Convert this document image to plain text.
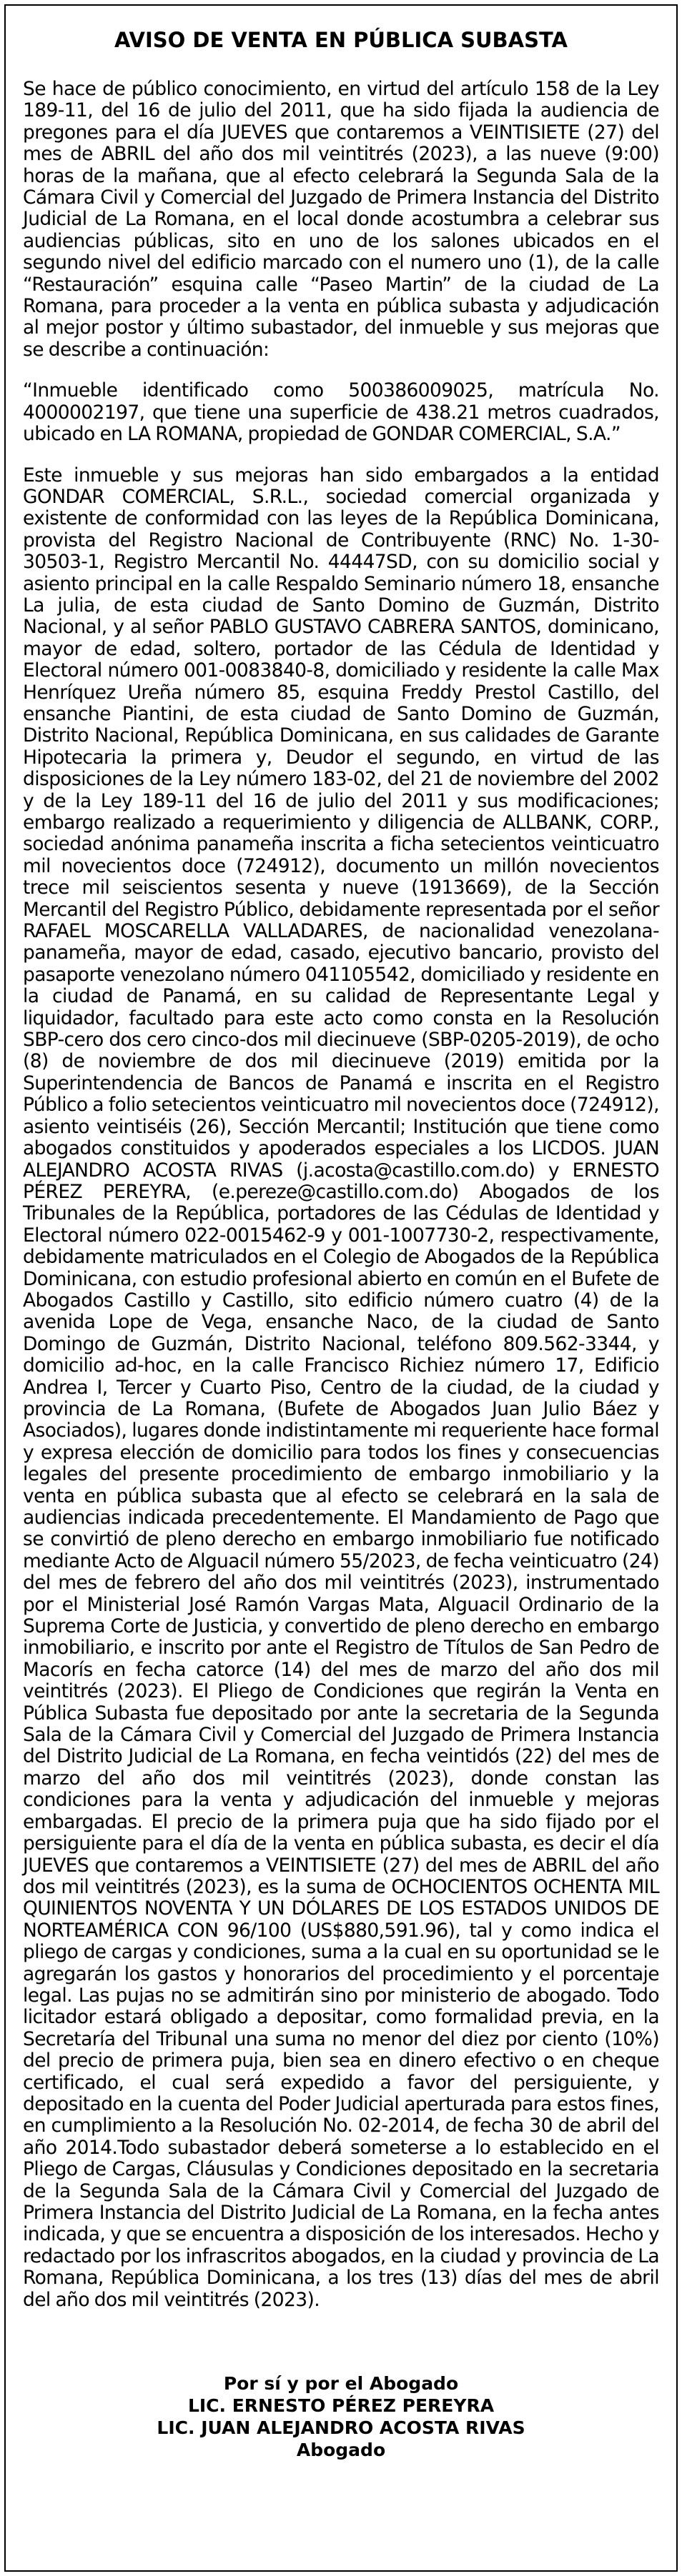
AVISO DE VENTA EN PÚBLICA SUBASTA

Se hace de público conocimiento, en virtud del artículo 158 de la Ley 189-11, del 16 de julio del 2011, que ha sido fijada la audiencia de pregones para el día JUEVES que contaremos a VEINTISIETE (27) del mes de ABRIL del año dos mil veintitrés (2023), a las nueve (9:00) horas de la mañana, que al efecto celebrará la Segunda Sala de la Cámara Civil y Comercial del Juzgado de Primera Instancia del Distrito Judicial de La Romana, en el local donde acostumbra a celebrar sus audiencias públicas, sito en uno de los salones ubicados en el segundo nivel del edificio marcado con el numero uno (1), de la calle “Restauración” esquina calle “Paseo Martin” de la ciudad de La Romana, para proceder a la venta en pública subasta y adjudicación al mejor postor y último subastador, del inmueble y sus mejoras que se describe a continuación:

“Inmueble identificado como 500386009025, matrícula No. 4000002197, que tiene una superficie de 438.21 metros cuadrados, ubicado en LA ROMANA, propiedad de GONDAR COMERCIAL, S.A.”

Este inmueble y sus mejoras han sido embargados a la entidad GONDAR COMERCIAL, S.R.L., sociedad comercial organizada y existente de conformidad con las leyes de la República Dominicana, provista del Registro Nacional de Contribuyente (RNC) No. 1-30-30503-1, Registro Mercantil No. 44447SD, con su domicilio social y asiento principal en la calle Respaldo Seminario número 18, ensanche La julia, de esta ciudad de Santo Domino de Guzmán, Distrito Nacional, y al señor PABLO GUSTAVO CABRERA SANTOS, dominicano, mayor de edad, soltero, portador de las Cédula de Identidad y Electoral número 001-0083840-8, domiciliado y residente la calle Max Henríquez Ureña número 85, esquina Freddy Prestol Castillo, del ensanche Piantini, de esta ciudad de Santo Domino de Guzmán, Distrito Nacional, República Dominicana, en sus calidades de Garante Hipotecaria la primera y, Deudor el segundo, en virtud de las disposiciones de la Ley número 183-02, del 21 de noviembre del 2002 y de la Ley 189-11 del 16 de julio del 2011 y sus modificaciones; embargo realizado a requerimiento y diligencia de ALLBANK, CORP., sociedad anónima panameña inscrita a ficha setecientos veinticuatro mil novecientos doce (724912), documento un millón novecientos trece mil seiscientos sesenta y nueve (1913669), de la Sección Mercantil del Registro Público, debidamente representada por el señor RAFAEL MOSCARELLA VALLADARES, de nacionalidad venezolana-panameña, mayor de edad, casado, ejecutivo bancario, provisto del pasaporte venezolano número 041105542, domiciliado y residente en la ciudad de Panamá, en su calidad de Representante Legal y liquidador, facultado para este acto como consta en la Resolución SBP-cero dos cero cinco-dos mil diecinueve (SBP-0205-2019), de ocho (8) de noviembre de dos mil diecinueve (2019) emitida por la Superintendencia de Bancos de Panamá e inscrita en el Registro Público a folio setecientos veinticuatro mil novecientos doce (724912), asiento veintiséis (26), Sección Mercantil; Institución que tiene como abogados constituidos y apoderados especiales a los LICDOS. JUAN ALEJANDRO ACOSTA RIVAS (j.acosta@castillo.com.do) y ERNESTO PÉREZ PEREYRA, (e.pereze@castillo.com.do) Abogados de los Tribunales de la República, portadores de las Cédulas de Identidad y Electoral número 022-0015462-9 y 001-1007730-2, respectivamente, debidamente matriculados en el Colegio de Abogados de la República Dominicana, con estudio profesional abierto en común en el Bufete de Abogados Castillo y Castillo, sito edificio número cuatro (4) de la avenida Lope de Vega, ensanche Naco, de la ciudad de Santo Domingo de Guzmán, Distrito Nacional, teléfono 809.562-3344, y domicilio ad-hoc, en la calle Francisco Richiez número 17, Edificio Andrea I, Tercer y Cuarto Piso, Centro de la ciudad, de la ciudad y provincia de La Romana, (Bufete de Abogados Juan Julio Báez y Asociados), lugares donde indistintamente mi requeriente hace formal y expresa elección de domicilio para todos los fines y consecuencias legales del presente procedimiento de embargo inmobiliario y la venta en pública subasta que al efecto se celebrará en la sala de audiencias indicada precedentemente. El Mandamiento de Pago que se convirtió de pleno derecho en embargo inmobiliario fue notificado mediante Acto de Alguacil número 55/2023, de fecha veinticuatro (24) del mes de febrero del año dos mil veintitrés (2023), instrumentado por el Ministerial José Ramón Vargas Mata, Alguacil Ordinario de la Suprema Corte de Justicia, y convertido de pleno derecho en embargo inmobiliario, e inscrito por ante el Registro de Títulos de San Pedro de Macorís en fecha catorce (14) del mes de marzo del año dos mil veintitrés (2023). El Pliego de Condiciones que regirán la Venta en Pública Subasta fue depositado por ante la secretaria de la Segunda Sala de la Cámara Civil y Comercial del Juzgado de Primera Instancia del Distrito Judicial de La Romana, en fecha veintidós (22) del mes de marzo del año dos mil veintitrés (2023), donde constan las condiciones para la venta y adjudicación del inmueble y mejoras embargadas. El precio de la primera puja que ha sido fijado por el persiguiente para el día de la venta en pública subasta, es decir el día JUEVES que contaremos a VEINTISIETE (27) del mes de ABRIL del año dos mil veintitrés (2023), es la suma de OCHOCIENTOS OCHENTA MIL QUINIENTOS NOVENTA Y UN DÓLARES DE LOS ESTADOS UNIDOS DE NORTEAMÉRICA CON 96/100 (US$880,591.96), tal y como indica el pliego de cargas y condiciones, suma a la cual en su oportunidad se le agregarán los gastos y honorarios del procedimiento y el porcentaje legal. Las pujas no se admitirán sino por ministerio de abogado. Todo licitador estará obligado a depositar, como formalidad previa, en la Secretaría del Tribunal una suma no menor del diez por ciento (10%) del precio de primera puja, bien sea en dinero efectivo o en cheque certificado, el cual será expedido a favor del persiguiente, y depositado en la cuenta del Poder Judicial aperturada para estos fines, en cumplimiento a la Resolución No. 02-2014, de fecha 30 de abril del año 2014.Todo subastador deberá someterse a lo establecido en el Pliego de Cargas, Cláusulas y Condiciones depositado en la secretaria de la Segunda Sala de la Cámara Civil y Comercial del Juzgado de Primera Instancia del Distrito Judicial de La Romana, en la fecha antes indicada, y que se encuentra a disposición de los interesados. Hecho y redactado por los infrascritos abogados, en la ciudad y provincia de La Romana, República Dominicana, a los tres (13) días del mes de abril del año dos mil veintitrés (2023).

Por sí y por el Abogado
LIC. ERNESTO PÉREZ PEREYRA
LIC. JUAN ALEJANDRO ACOSTA RIVAS
Abogado
